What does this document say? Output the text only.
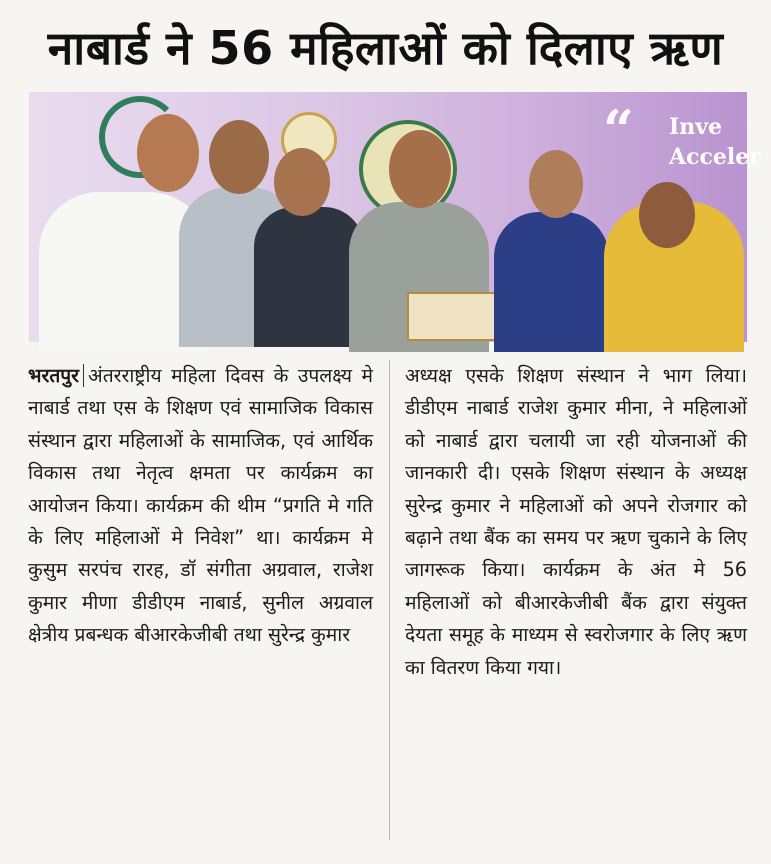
नाबार्ड ने 56 महिलाओं को दिलाए ऋण
“ Inve
Acceler
भरतपुर अंतरराष्ट्रीय महिला दिवस के उपलक्ष्य मे नाबार्ड तथा एस के शिक्षण एवं सामाजिक विकास संस्थान द्वारा महिलाओं के सामाजिक, एवं आर्थिक विकास तथा नेतृत्व क्षमता पर कार्यक्रम का आयोजन किया। कार्यक्रम की थीम “प्रगति मे गति के लिए महिलाओं मे निवेश” था। कार्यक्रम मे कुसुम सरपंच रारह, डॉ संगीता अग्रवाल, राजेश कुमार मीणा डीडीएम नाबार्ड, सुनील अग्रवाल क्षेत्रीय प्रबन्धक बीआरकेजीबी तथा सुरेन्द्र कुमार
अध्यक्ष एसके शिक्षण संस्थान ने भाग लिया। डीडीएम नाबार्ड राजेश कुमार मीना, ने महिलाओं को नाबार्ड द्वारा चलायी जा रही योजनाओं की जानकारी दी। एसके शिक्षण संस्थान के अध्यक्ष सुरेन्द्र कुमार ने महिलाओं को अपने रोजगार को बढ़ाने तथा बैंक का समय पर ऋण चुकाने के लिए जागरूक किया। कार्यक्रम के अंत मे 56 महिलाओं को बीआरकेजीबी बैंक द्वारा संयुक्त देयता समूह के माध्यम से स्वरोजगार के लिए ऋण का वितरण किया गया।
